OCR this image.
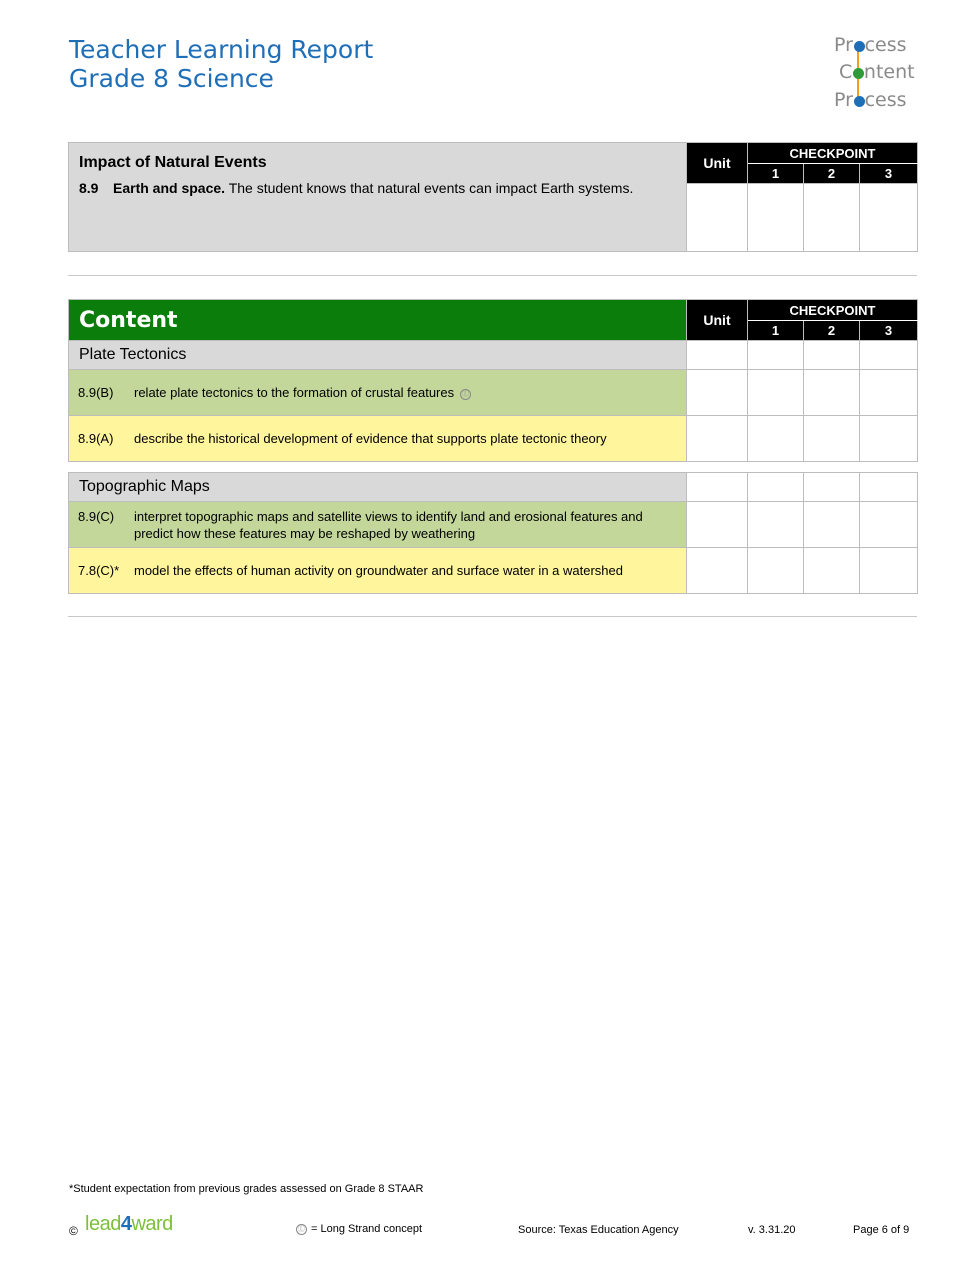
Teacher Learning Report
Grade 8 Science
Pr cess
C ntent
Pr cess
Impact of Natural Events
8.9 Earth and space. The student knows that natural events can impact Earth systems.	Unit	CHECKPOINT		
		1	2	3

Content	Unit	CHECKPOINT		
		1	2	3
Plate Tectonics				
8.9(B) relate plate tectonics to the formation of crustal features Ⓛ				
8.9(A) describe the historical development of evidence that supports plate tectonic theory				
Topographic Maps				
8.9(C) interpret topographic maps and satellite views to identify land and erosional features and predict how these features may be reshaped by weathering				
7.8(C)* model the effects of human activity on groundwater and surface water in a watershed				
*Student expectation from previous grades assessed on Grade 8 STAAR
© lead4ward	Ⓛ = Long Strand concept	Source: Texas Education Agency	v. 3.31.20	Page 6 of 9
